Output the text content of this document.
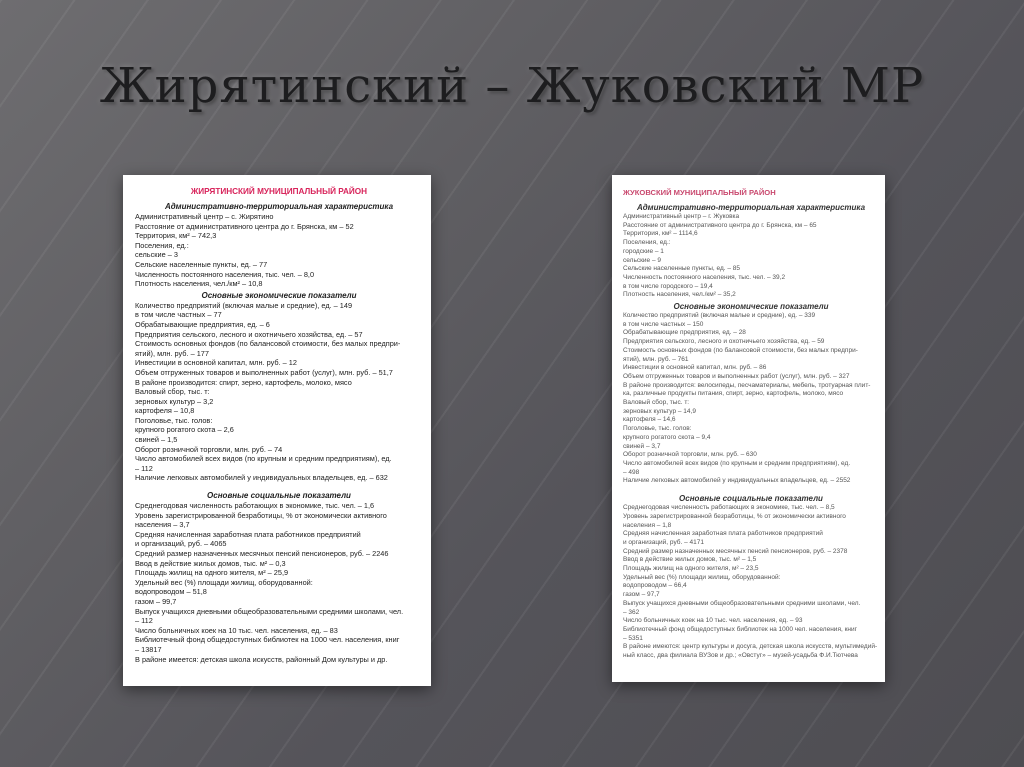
Жирятинский – Жуковский МР
ЖИРЯТИНСКИЙ МУНИЦИПАЛЬНЫЙ РАЙОН
Административно-территориальная характеристика
Административный центр – с. Жирятино
Расстояние от административного центра до г. Брянска, км – 52
Территория, км² – 742,3
Поселения, ед.:
сельские – 3
Сельские населенные пункты, ед. – 77
Численность постоянного населения, тыс. чел. – 8,0
Плотность населения, чел./км² – 10,8
Основные экономические показатели
Количество предприятий (включая малые и средние), ед. – 149
в том числе частных – 77
Обрабатывающие предприятия, ед. – 6
Предприятия сельского, лесного и охотничьего хозяйства, ед. – 57
Стоимость основных фондов (по балансовой стоимости, без малых предпри-
ятий), млн. руб. – 177
Инвестиции в основной капитал, млн. руб. – 12
Объем отгруженных товаров и выполненных работ (услуг), млн. руб. – 51,7
В районе производится: спирт, зерно, картофель, молоко, мясо
Валовый сбор, тыс. т:
зерновых культур – 3,2
картофеля – 10,8
Поголовье, тыс. голов:
крупного рогатого скота – 2,6
свиней – 1,5
Оборот розничной торговли, млн. руб. – 74
Число автомобилей всех видов (по крупным и средним предприятиям), ед.
– 112
Наличие легковых автомобилей у индивидуальных владельцев, ед. – 632
Основные социальные показатели
Среднегодовая численность работающих в экономике, тыс. чел. – 1,6
Уровень зарегистрированной безработицы, % от экономически активного
населения – 3,7
Средняя начисленная заработная плата работников предприятий
и организаций, руб. – 4065
Средний размер назначенных месячных пенсий пенсионеров, руб. – 2246
Ввод в действие жилых домов, тыс. м² – 0,3
Площадь жилищ на одного жителя, м² – 25,9
Удельный вес (%) площади жилищ, оборудованной:
водопроводом – 51,8
газом – 99,7
Выпуск учащихся дневными общеобразовательными средними школами, чел.
– 112
Число больничных коек на 10 тыс. чел. населения, ед. – 83
Библиотечный фонд общедоступных библиотек на 1000 чел. населения, книг
– 13817
В районе имеется: детская школа искусств, районный Дом культуры и др.
ЖУКОВСКИЙ МУНИЦИПАЛЬНЫЙ РАЙОН
Административно-территориальная характеристика
Административный центр – г. Жуковка
Расстояние от административного центра до г. Брянска, км – 65
Территория, км² – 1114,6
Поселения, ед.:
городские – 1
сельские – 9
Сельские населенные пункты, ед. – 85
Численность постоянного населения, тыс. чел. – 39,2
в том числе городского – 19,4
Плотность населения, чел./км² – 35,2
Основные экономические показатели
Количество предприятий (включая малые и средние), ед. – 339
в том числе частных – 150
Обрабатывающие предприятия, ед. – 28
Предприятия сельского, лесного и охотничьего хозяйства, ед. – 59
Стоимость основных фондов (по балансовой стоимости, без малых предпри-
ятий), млн. руб. – 761
Инвестиции в основной капитал, млн. руб. – 86
Объем отгруженных товаров и выполненных работ (услуг), млн. руб. – 327
В районе производится: велосипеды, песчаматериалы, мебель, тротуарная плит-
ка, различные продукты питания, спирт, зерно, картофель, молоко, мясо
Валовый сбор, тыс. т:
зерновых культур – 14,9
картофеля – 14,6
Поголовье, тыс. голов:
крупного рогатого скота – 9,4
свиней – 3,7
Оборот розничной торговли, млн. руб. – 630
Число автомобилей всех видов (по крупным и средним предприятиям), ед.
– 498
Наличие легковых автомобилей у индивидуальных владельцев, ед. – 2552
Основные социальные показатели
Среднегодовая численность работающих в экономике, тыс. чел. – 8,5
Уровень зарегистрированной безработицы, % от экономически активного
населения – 1,8
Средняя начисленная заработная плата работников предприятий
и организаций, руб. – 4171
Средний размер назначенных месячных пенсий пенсионеров, руб. – 2378
Ввод в действие жилых домов, тыс. м² – 1,5
Площадь жилищ на одного жителя, м² – 23,5
Удельный вес (%) площади жилищ, оборудованной:
водопроводом – 66,4
газом – 97,7
Выпуск учащихся дневными общеобразовательными средними школами, чел.
– 362
Число больничных коек на 10 тыс. чел. населения, ед. – 93
Библиотечный фонд общедоступных библиотек на 1000 чел. населения, книг
– 5351
В районе имеются: центр культуры и досуга, детская школа искусств, мультимедий-
ный класс, два филиала ВУЗов и др.; «Овстуг» – музей-усадьба Ф.И.Тютчева
